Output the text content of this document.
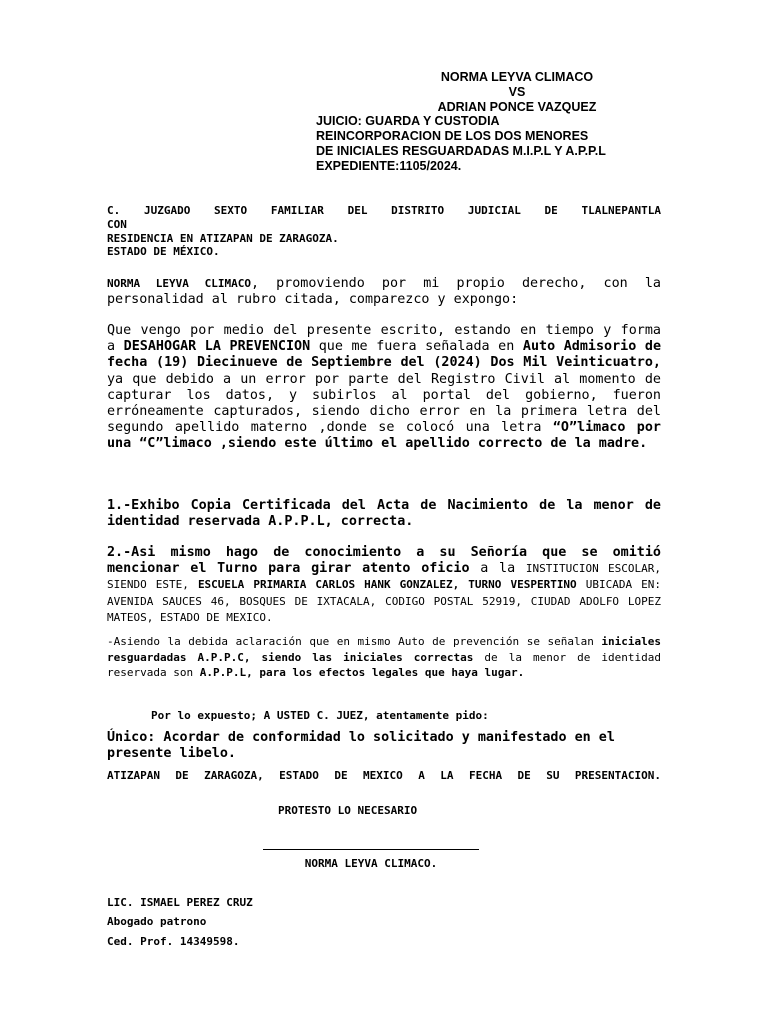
NORMA LEYVA CLIMACO
VS
ADRIAN PONCE VAZQUEZ
JUICIO: GUARDA Y CUSTODIA
REINCORPORACION DE LOS DOS MENORES
DE INICIALES RESGUARDADAS M.I.P.L Y A.P.P.L
EXPEDIENTE:1105/2024.
C. JUZGADO SEXTO FAMILIAR DEL DISTRITO JUDICIAL DE TLALNEPANTLA
CON
RESIDENCIA EN ATIZAPAN DE ZARAGOZA.
ESTADO DE MÉXICO.
NORMA LEYVA CLIMACO, promoviendo por mi propio derecho, con la personalidad al rubro citada, comparezco y expongo:
Que vengo por medio del presente escrito, estando en tiempo y forma a DESAHOGAR LA PREVENCION que me fuera señalada en Auto Admisorio de fecha (19) Diecinueve de Septiembre del (2024) Dos Mil Veinticuatro, ya que debido a un error por parte del Registro Civil al momento de capturar los datos, y subirlos al portal del gobierno, fueron erróneamente capturados, siendo dicho error en la primera letra del segundo apellido materno ,donde se colocó una letra “O”limaco por una “C”limaco ,siendo este último el apellido correcto de la madre.
1.-Exhibo Copia Certificada del Acta de Nacimiento de la menor de identidad reservada A.P.P.L, correcta.
2.-Asi mismo hago de conocimiento a su Señoría que se omitió mencionar el Turno para girar atento oficio a la INSTITUCION ESCOLAR, SIENDO ESTE, ESCUELA PRIMARIA CARLOS HANK GONZALEZ, TURNO VESPERTINO UBICADA EN: AVENIDA SAUCES 46, BOSQUES DE IXTACALA, CODIGO POSTAL 52919, CIUDAD ADOLFO LOPEZ MATEOS, ESTADO DE MEXICO.
-Asiendo la debida aclaración que en mismo Auto de prevención se señalan iniciales resguardadas A.P.P.C, siendo las iniciales correctas de la menor de identidad reservada son A.P.P.L, para los efectos legales que haya lugar.
Por lo expuesto; A USTED C. JUEZ, atentamente pido:
Único: Acordar de conformidad lo solicitado y manifestado en el presente libelo.
ATIZAPAN DE ZARAGOZA, ESTADO DE MEXICO A LA FECHA DE SU PRESENTACION.
PROTESTO LO NECESARIO
NORMA LEYVA CLIMACO.
LIC. ISMAEL PEREZ CRUZ
Abogado patrono
Ced. Prof. 14349598.
